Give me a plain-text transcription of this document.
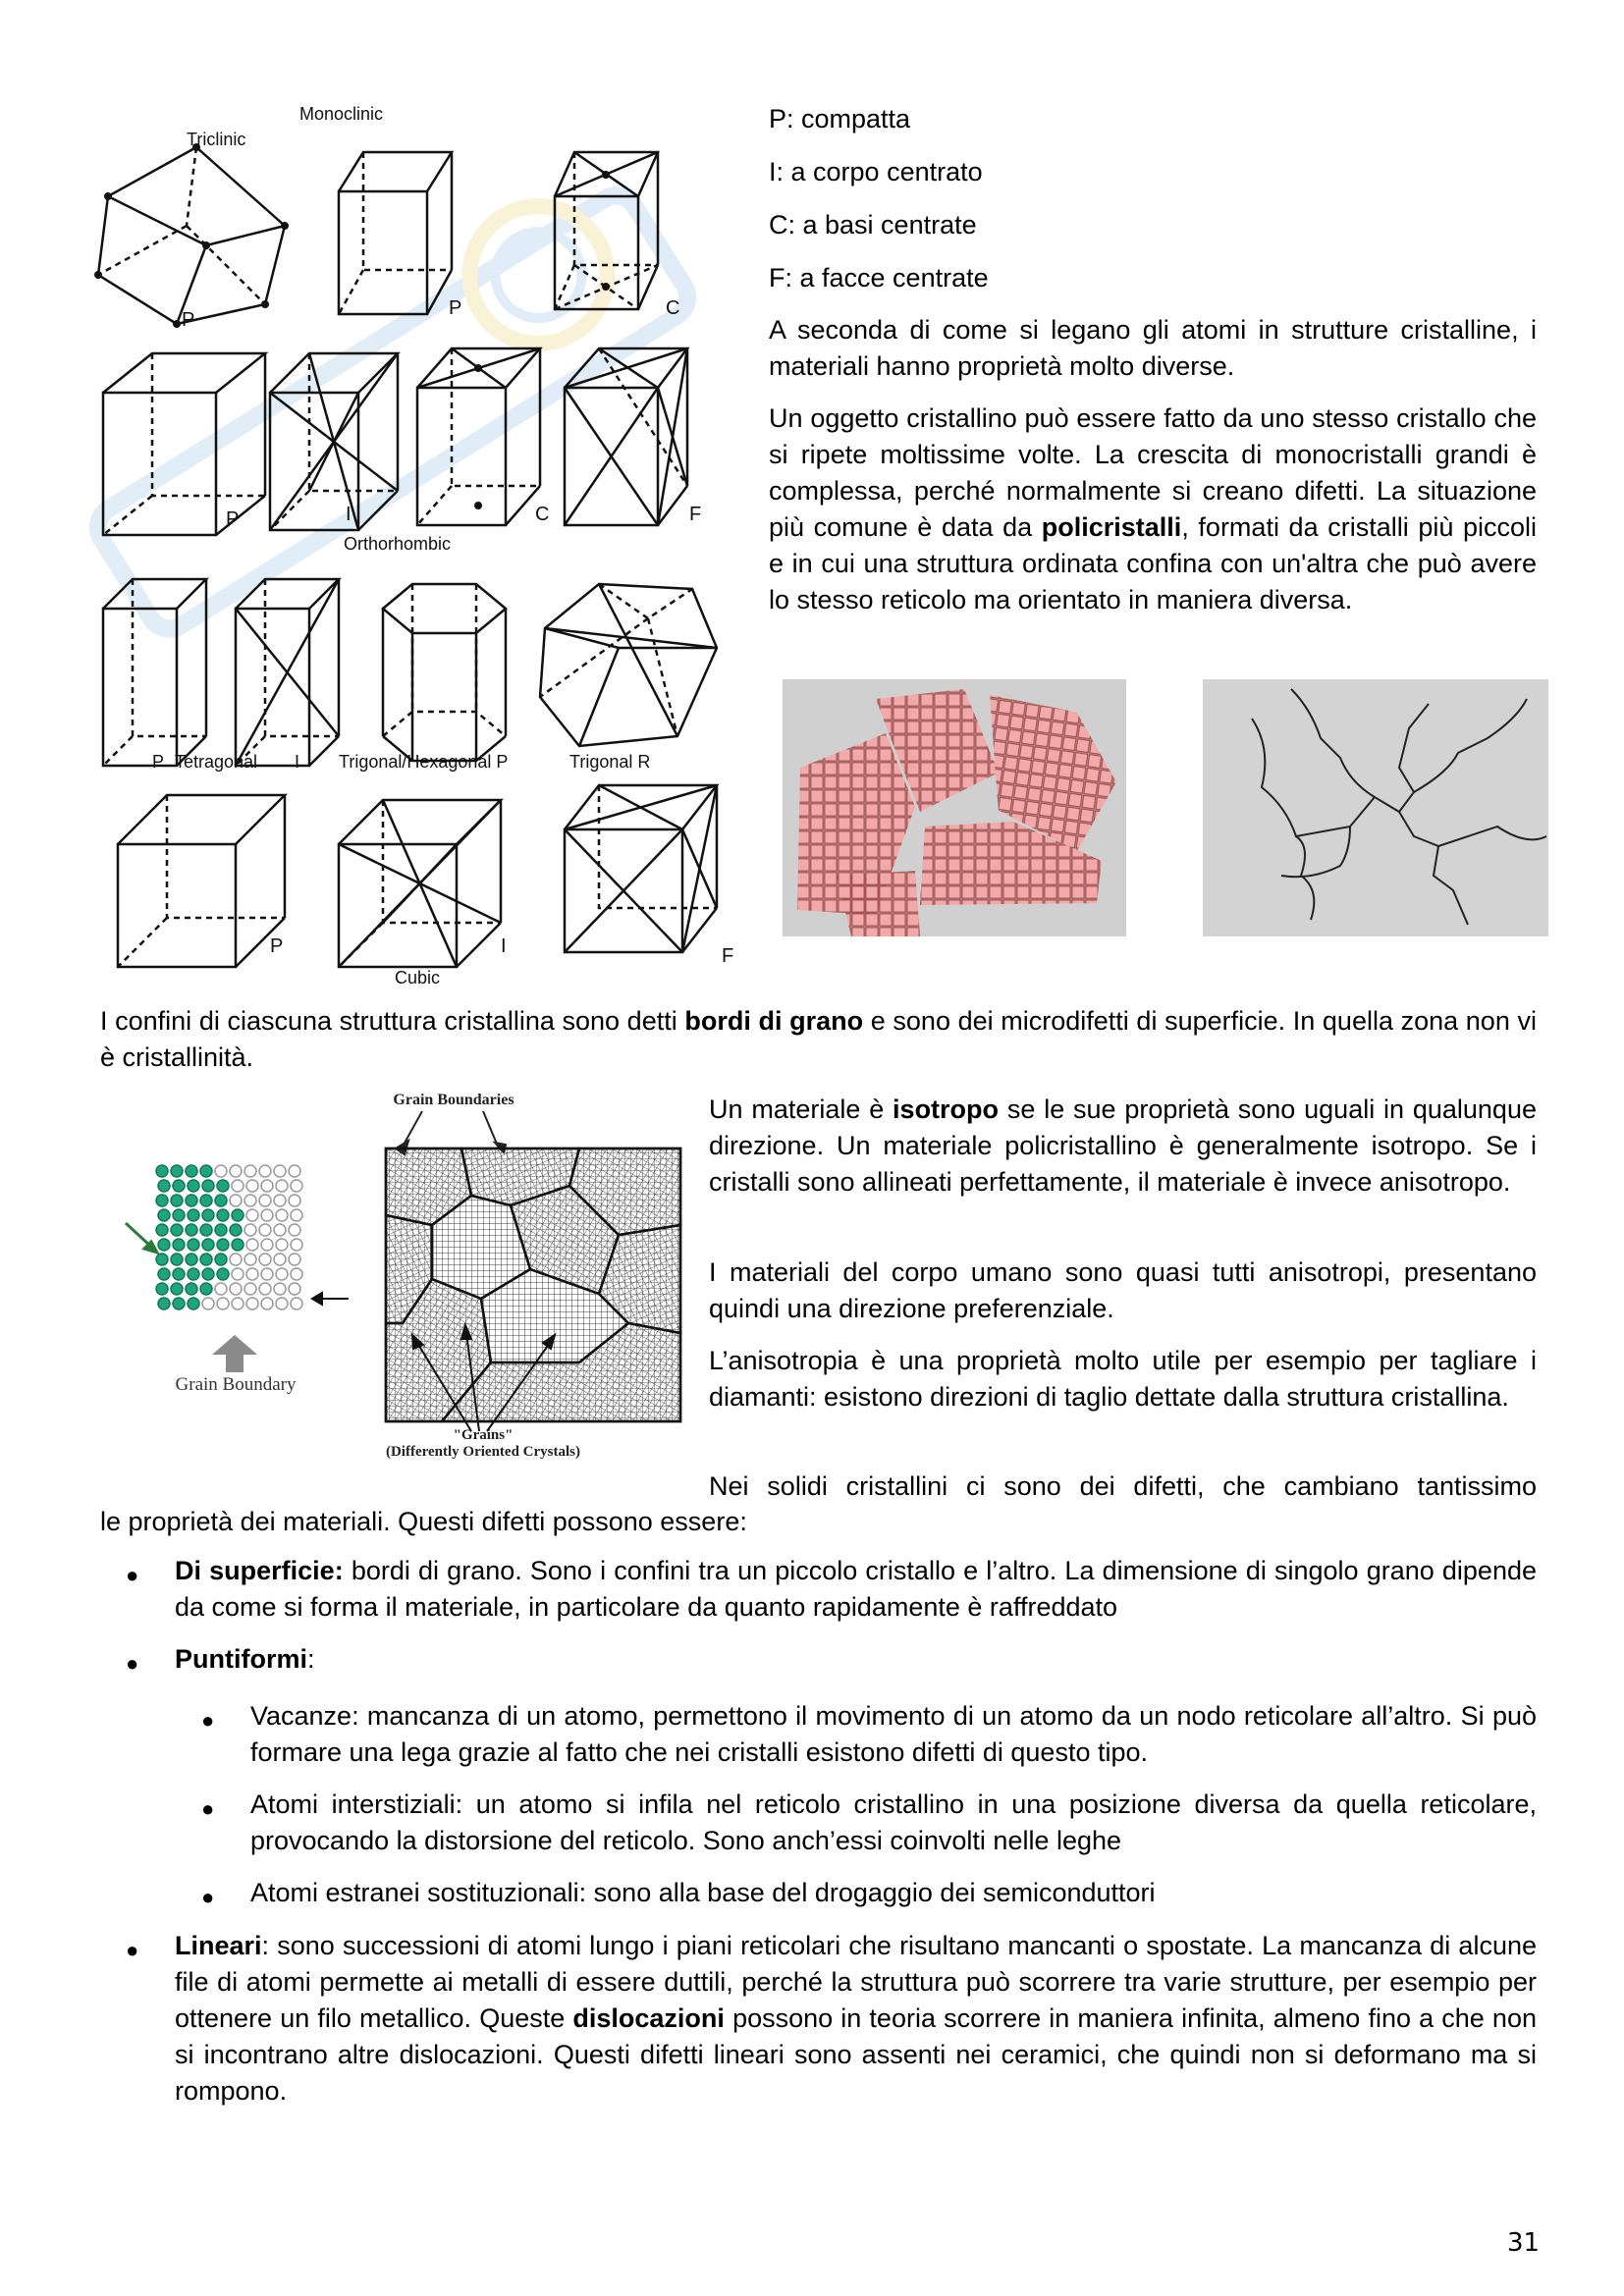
Triclinic
P
Monoclinic
P	C
P	I	C	F
Orthorhombic
P Tetragonal I Trigonal/Hexagonal P	Trigonal R
P	I	F
Cubic
P: compatta
I: a corpo centrato
C: a basi centrate
F: a facce centrate
A seconda di come si legano gli atomi in strutture cristalline, i materiali hanno proprietà molto diverse.
Un oggetto cristallino può essere fatto da uno stesso cristallo che si ripete moltissime volte. La crescita di monocristalli grandi è complessa, perché normalmente si creano difetti. La situazione più comune è data da policristalli, formati da cristalli più piccoli e in cui una struttura ordinata confina con un'altra che può avere lo stesso reticolo ma orientato in maniera diversa.
I confini di ciascuna struttura cristallina sono detti bordi di grano e sono dei microdifetti di superficie. In quella zona non vi è cristallinità.
Grain Boundaries
Grain Boundary
"Grains"
(Differently Oriented Crystals)
Un materiale è isotropo se le sue proprietà sono uguali in qualunque direzione. Un materiale policristallino è generalmente isotropo. Se i cristalli sono allineati perfettamente, il materiale è invece anisotropo.
I materiali del corpo umano sono quasi tutti anisotropi, presentano quindi una direzione preferenziale.
L’anisotropia è una proprietà molto utile per esempio per tagliare i diamanti: esistono direzioni di taglio dettate dalla struttura cristallina.
Nei solidi cristallini ci sono dei difetti, che cambiano tantissimo
le proprietà dei materiali. Questi difetti possono essere:
● Di superficie: bordi di grano. Sono i confini tra un piccolo cristallo e l’altro. La dimensione di singolo grano dipende da come si forma il materiale, in particolare da quanto rapidamente è raffreddato
● Puntiformi:
● Vacanze: mancanza di un atomo, permettono il movimento di un atomo da un nodo reticolare all’altro. Si può formare una lega grazie al fatto che nei cristalli esistono difetti di questo tipo.
● Atomi interstiziali: un atomo si infila nel reticolo cristallino in una posizione diversa da quella reticolare, provocando la distorsione del reticolo. Sono anch’essi coinvolti nelle leghe
● Atomi estranei sostituzionali: sono alla base del drogaggio dei semiconduttori
● Lineari: sono successioni di atomi lungo i piani reticolari che risultano mancanti o spostate. La mancanza di alcune file di atomi permette ai metalli di essere duttili, perché la struttura può scorrere tra varie strutture, per esempio per ottenere un filo metallico. Queste dislocazioni possono in teoria scorrere in maniera infinita, almeno fino a che non si incontrano altre dislocazioni. Questi difetti lineari sono assenti nei ceramici, che quindi non si deformano ma si rompono.
31
